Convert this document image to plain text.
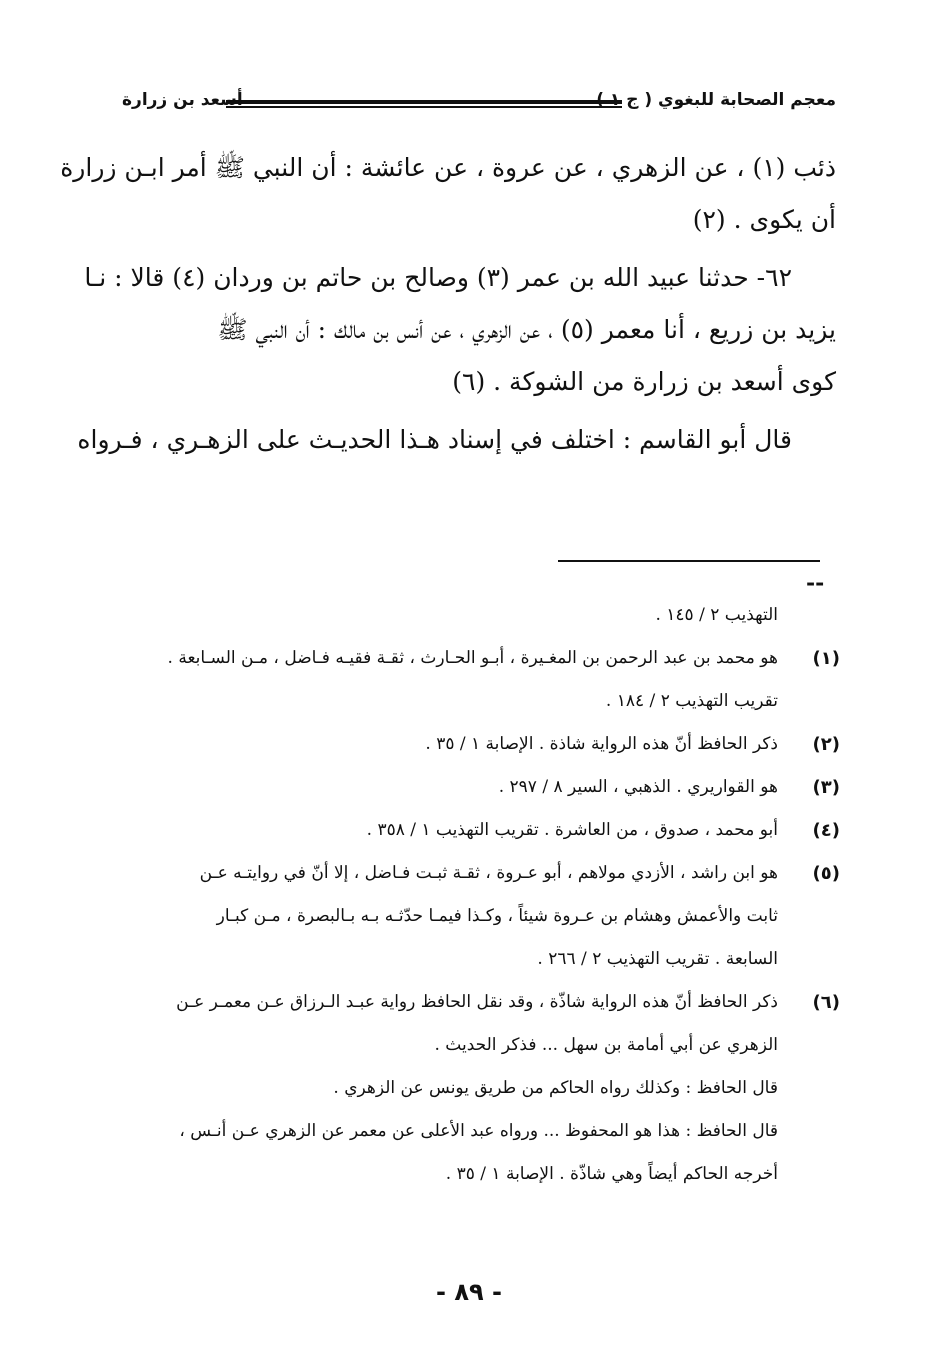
معجم الصحابة للبغوي ( ج ١ )
أسعد بن زرارة
ذئب (١) ، عن الزهري ، عن عروة ، عن عائشة : أن النبي ﷺ أمر ابـن زرارة
أن يكوى . (٢)
٦٢- حدثنا عبيد الله بن عمر (٣) وصالح بن حاتم بن وردان (٤) قالا : نـا
يزيد بن زريع ، أنا معمر (٥) ، عن الزهري ، عن أنس بن مالك : أن النبي ﷺ
كوى أسعد بن زرارة من الشوكة . (٦)
قال أبو القاسم : اختلف في إسناد هـذا الحديـث على الزهـري ، فـرواه
--
التهذيب ٢ / ١٤٥ .
(١)
هو محمد بن عبد الرحمن بن المغـيرة ، أبـو الحـارث ، ثقـة فقيـه فـاضل ، مـن السـابعة .
تقريب التهذيب ٢ / ١٨٤ .
(٢)
ذكر الحافظ أنّ هذه الرواية شاذة . الإصابة ١ / ٣٥ .
(٣)
هو القواريري . الذهبي ، السير ٨ / ٢٩٧ .
(٤)
أبو محمد ، صدوق ، من العاشرة . تقريب التهذيب ١ / ٣٥٨ .
(٥)
هو ابن راشد ، الأزدي مولاهم ، أبو عـروة ، ثقـة ثبـت فـاضل ، إلا أنّ في روايتـه عـن
ثابت والأعمش وهشام بن عـروة شيئاً ، وكـذا فيمـا حدّثـه بـه بـالبصرة ، مـن كبـار
السابعة . تقريب التهذيب ٢ / ٢٦٦ .
(٦)
ذكر الحافظ أنّ هذه الرواية شاذّة ، وقد نقل الحافظ رواية عبـد الـرزاق عـن معمـر عـن
الزهري عن أبي أمامة بن سهل ... فذكر الحديث .
قال الحافظ : وكذلك رواه الحاكم من طريق يونس عن الزهري .
قال الحافظ : هذا هو المحفوظ ... ورواه عبد الأعلى عن معمر عن الزهري عـن أنـس ،
أخرجه الحاكم أيضاً وهي شاذّة . الإصابة ١ / ٣٥ .
- ٨٩ -
